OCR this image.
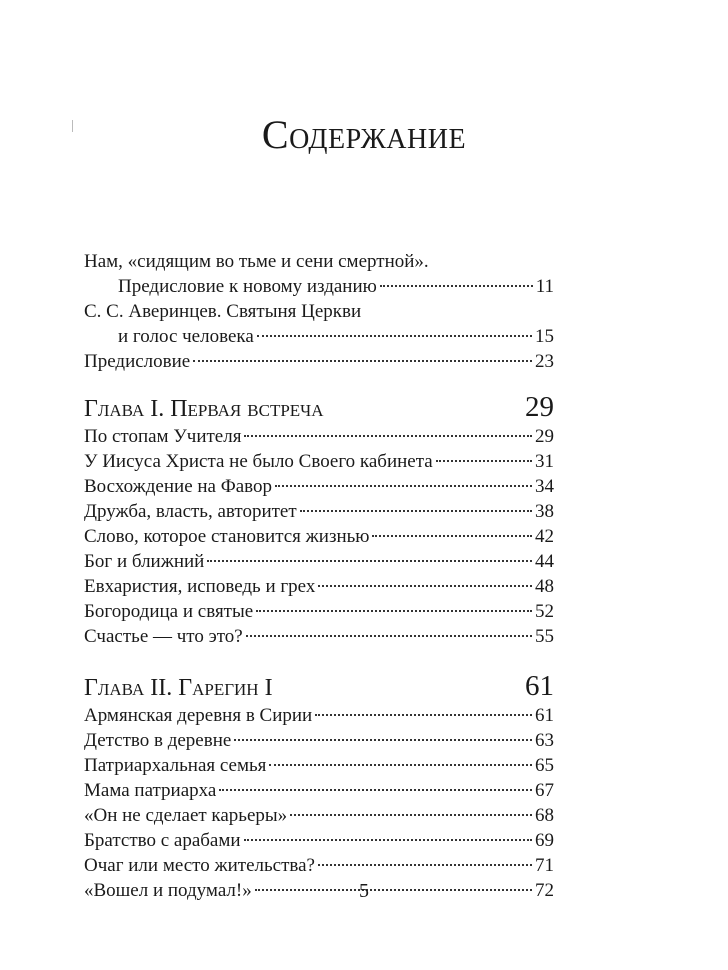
Содержание
Нам, «сидящим во тьме и сени смертной».
Предисловие к новому изданию	11
С. С. Аверинцев. Святыня Церкви
и голос человека	15
Предисловие	23
Глава I. Первая встреча	29
По стопам Учителя	29
У Иисуса Христа не было Своего кабинета	31
Восхождение на Фавор	34
Дружба, власть, авторитет	38
Слово, которое становится жизнью	42
Бог и ближний	44
Евхаристия, исповедь и грех	48
Богородица и святые	52
Счастье — что это?	55
Глава II. Гарегин I	61
Армянская деревня в Сирии	61
Детство в деревне	63
Патриархальная семья	65
Мама патриарха	67
«Он не сделает карьеры»	68
Братство с арабами	69
Очаг или место жительства?	71
«Вошел и подумал!»	72
5
